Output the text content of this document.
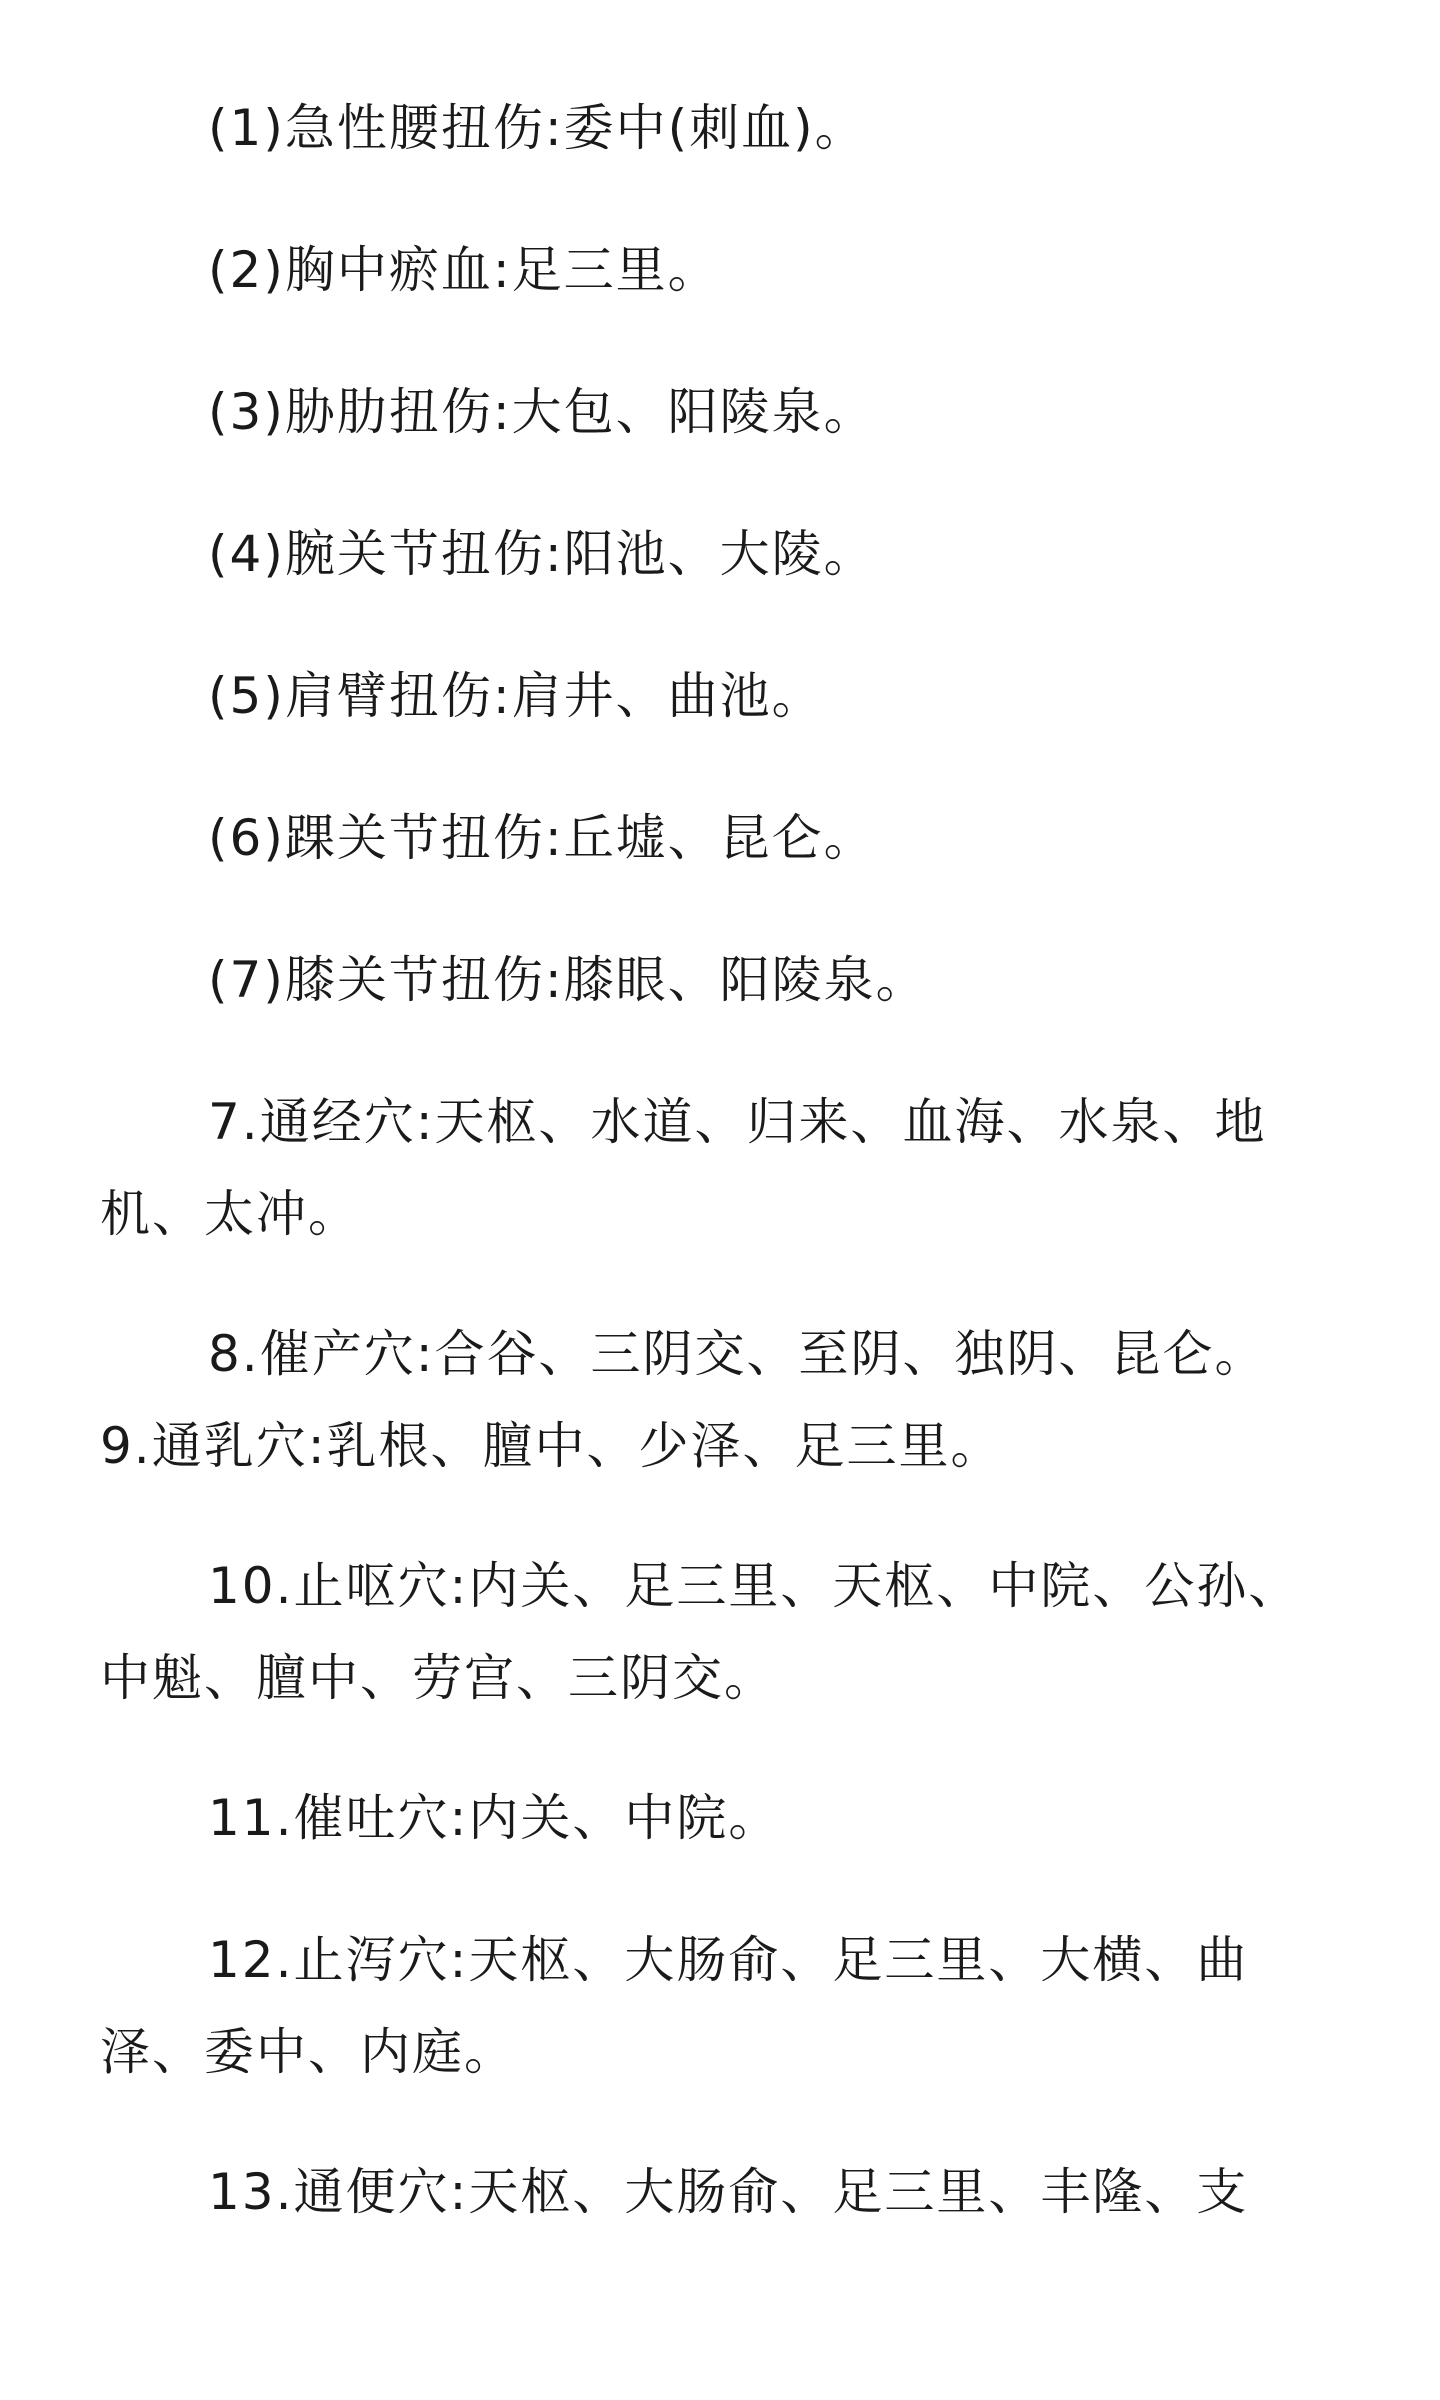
(1)急性腰扭伤:委中(刺血)。

(2)胸中瘀血:足三里。

(3)胁肋扭伤:大包、阳陵泉。

(4)腕关节扭伤:阳池、大陵。

(5)肩臂扭伤:肩井、曲池。

(6)踝关节扭伤:丘墟、昆仑。

(7)膝关节扭伤:膝眼、阳陵泉。

7.通经穴:天枢、水道、归来、血海、水泉、地
机、太冲。

8.催产穴:合谷、三阴交、至阴、独阴、昆仑。
9.通乳穴:乳根、膻中、少泽、足三里。

10.止呕穴:内关、足三里、天枢、中院、公孙、
中魁、膻中、劳宫、三阴交。

11.催吐穴:内关、中院。

12.止泻穴:天枢、大肠俞、足三里、大横、曲
泽、委中、内庭。

13.通便穴:天枢、大肠俞、足三里、丰隆、支
